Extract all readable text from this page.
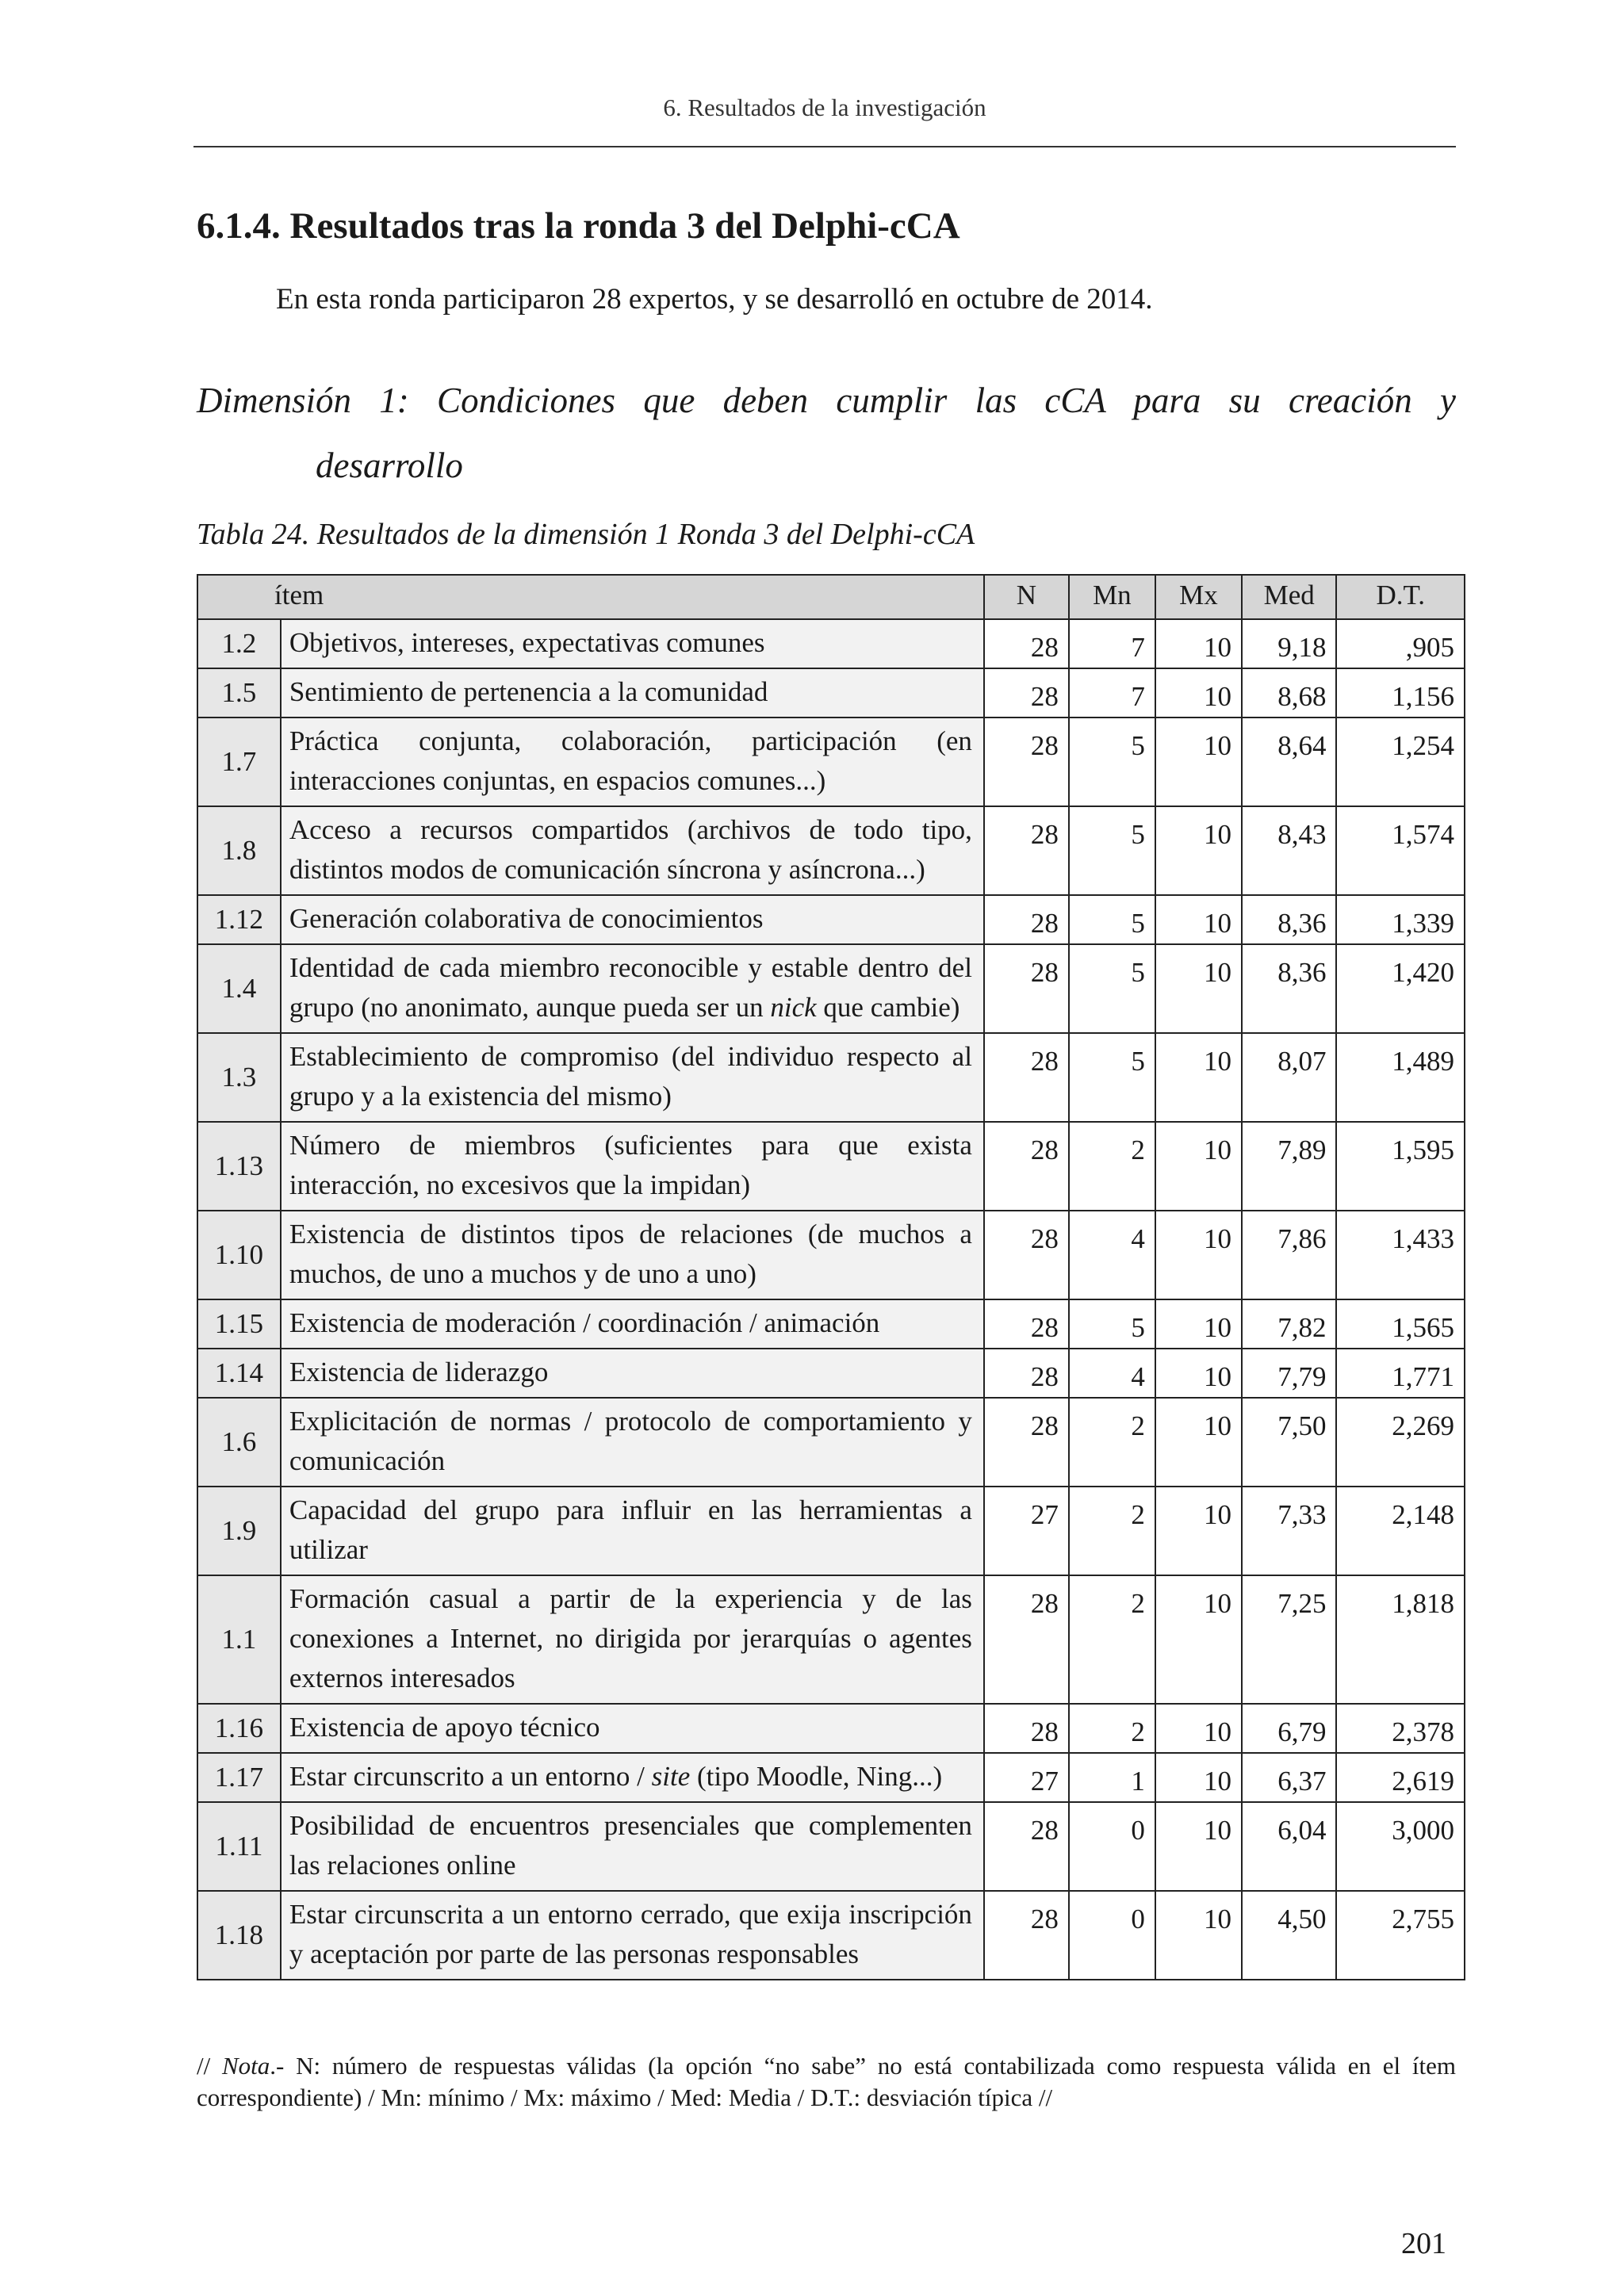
6. Resultados de la investigación
6.1.4. Resultados tras la ronda 3 del Delphi-cCA
En esta ronda participaron 28 expertos, y se desarrolló en octubre de 2014.
Dimensión 1: Condiciones que deben cumplir las cCA para su creación y
desarrollo
Tabla 24. Resultados de la dimensión 1 Ronda 3 del Delphi-cCA
ítem		N	Mn	Mx	Med	D.T.
1.2	Objetivos, intereses, expectativas comunes	28	7	10	9,18	,905
1.5	Sentimiento de pertenencia a la comunidad	28	7	10	8,68	1,156
1.7	Práctica conjunta, colaboración, participación (en interacciones conjuntas, en espacios comunes...)	28	5	10	8,64	1,254
1.8	Acceso a recursos compartidos (archivos de todo tipo, distintos modos de comunicación síncrona y asíncrona...)	28	5	10	8,43	1,574
1.12	Generación colaborativa de conocimientos	28	5	10	8,36	1,339
1.4	Identidad de cada miembro reconocible y estable dentro del grupo (no anonimato, aunque pueda ser un nick que cambie)	28	5	10	8,36	1,420
1.3	Establecimiento de compromiso (del individuo respecto al grupo y a la existencia del mismo)	28	5	10	8,07	1,489
1.13	Número de miembros (suficientes para que exista interacción, no excesivos que la impidan)	28	2	10	7,89	1,595
1.10	Existencia de distintos tipos de relaciones (de muchos a muchos, de uno a muchos y de uno a uno)	28	4	10	7,86	1,433
1.15	Existencia de moderación / coordinación / animación	28	5	10	7,82	1,565
1.14	Existencia de liderazgo	28	4	10	7,79	1,771
1.6	Explicitación de normas / protocolo de comportamiento y comunicación	28	2	10	7,50	2,269
1.9	Capacidad del grupo para influir en las herramientas a utilizar	27	2	10	7,33	2,148
1.1	Formación casual a partir de la experiencia y de las conexiones a Internet, no dirigida por jerarquías o agentes externos interesados	28	2	10	7,25	1,818
1.16	Existencia de apoyo técnico	28	2	10	6,79	2,378
1.17	Estar circunscrito a un entorno / site (tipo Moodle, Ning...)	27	1	10	6,37	2,619
1.11	Posibilidad de encuentros presenciales que complementen las relaciones online	28	0	10	6,04	3,000
1.18	Estar circunscrita a un entorno cerrado, que exija inscripción y aceptación por parte de las personas responsables	28	0	10	4,50	2,755
// Nota.- N: número de respuestas válidas (la opción “no sabe” no está contabilizada como respuesta válida en el ítem correspondiente) / Mn: mínimo / Mx: máximo / Med: Media / D.T.: desviación típica //
201
